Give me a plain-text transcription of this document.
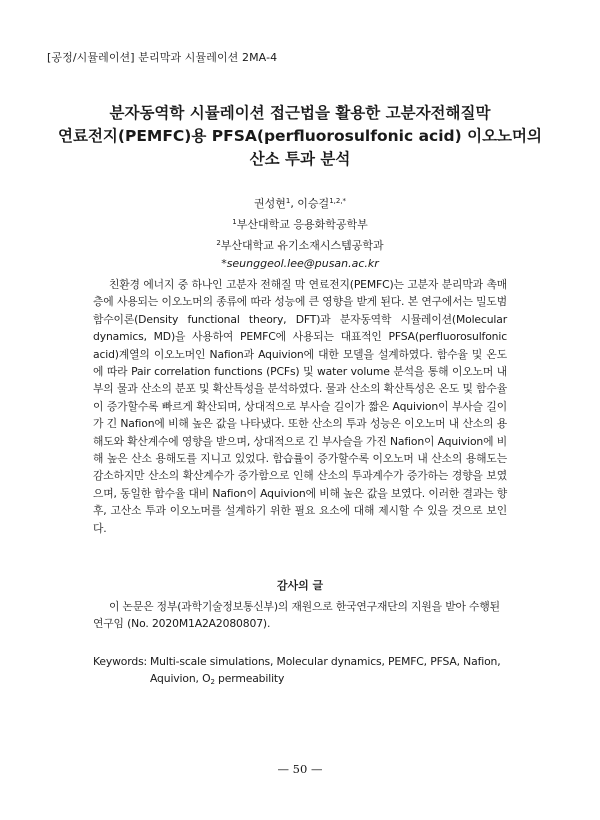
[공정/시뮬레이션] 분리막과 시뮬레이션 2MA-4
분자동역학 시뮬레이션 접근법을 활용한 고분자전해질막
연료전지(PEMFC)용 PFSA(perfluorosulfonic acid) 이오노머의
산소 투과 분석
권성현$^1$, 이승걸$^{1,2,*}$
$^1$부산대학교 응용화학공학부
$^2$부산대학교 유기소재시스템공학과
*seunggeol.lee@pusan.ac.kr
친환경 에너지 중 하나인 고분자 전해질 막 연료전지(PEMFC)는 고분자 분리막과 촉매층에 사용되는 이오노머의 종류에 따라 성능에 큰 영향을 받게 된다. 본 연구에서는 밀도범함수이론(Density functional theory, DFT)과 분자동역학 시뮬레이션(Molecular dynamics, MD)을 사용하여 PEMFC에 사용되는 대표적인 PFSA(perfluorosulfonic acid)계열의 이오노머인 Nafion과 Aquivion에 대한 모델을 설계하였다. 함수율 및 온도에 따라 Pair correlation functions (PCFs) 및 water volume 분석을 통해 이오노머 내부의 물과 산소의 분포 및 확산특성을 분석하였다. 물과 산소의 확산특성은 온도 및 함수율이 증가할수록 빠르게 확산되며, 상대적으로 부사슬 길이가 짧은 Aquivion이 부사슬 길이가 긴 Nafion에 비해 높은 값을 나타냈다. 또한 산소의 투과 성능은 이오노머 내 산소의 용해도와 확산계수에 영향을 받으며, 상대적으로 긴 부사슬을 가진 Nafion이 Aquivion에 비해 높은 산소 용해도를 지니고 있었다. 함습률이 증가할수록 이오노머 내 산소의 용해도는 감소하지만 산소의 확산계수가 증가함으로 인해 산소의 투과계수가 증가하는 경향을 보였으며, 동일한 함수율 대비 Nafion이 Aquivion에 비해 높은 값을 보였다. 이러한 결과는 향후, 고산소 투과 이오노머를 설계하기 위한 필요 요소에 대해 제시할 수 있을 것으로 보인다.
감사의 글
이 논문은 정부(과학기술정보통신부)의 재원으로 한국연구재단의 지원을 받아 수행된 연구임 (No. 2020M1A2A2080807).
Keywords: Multi-scale simulations, Molecular dynamics, PEMFC, PFSA, Nafion, Aquivion, $O_2$ permeability
— 50 —
